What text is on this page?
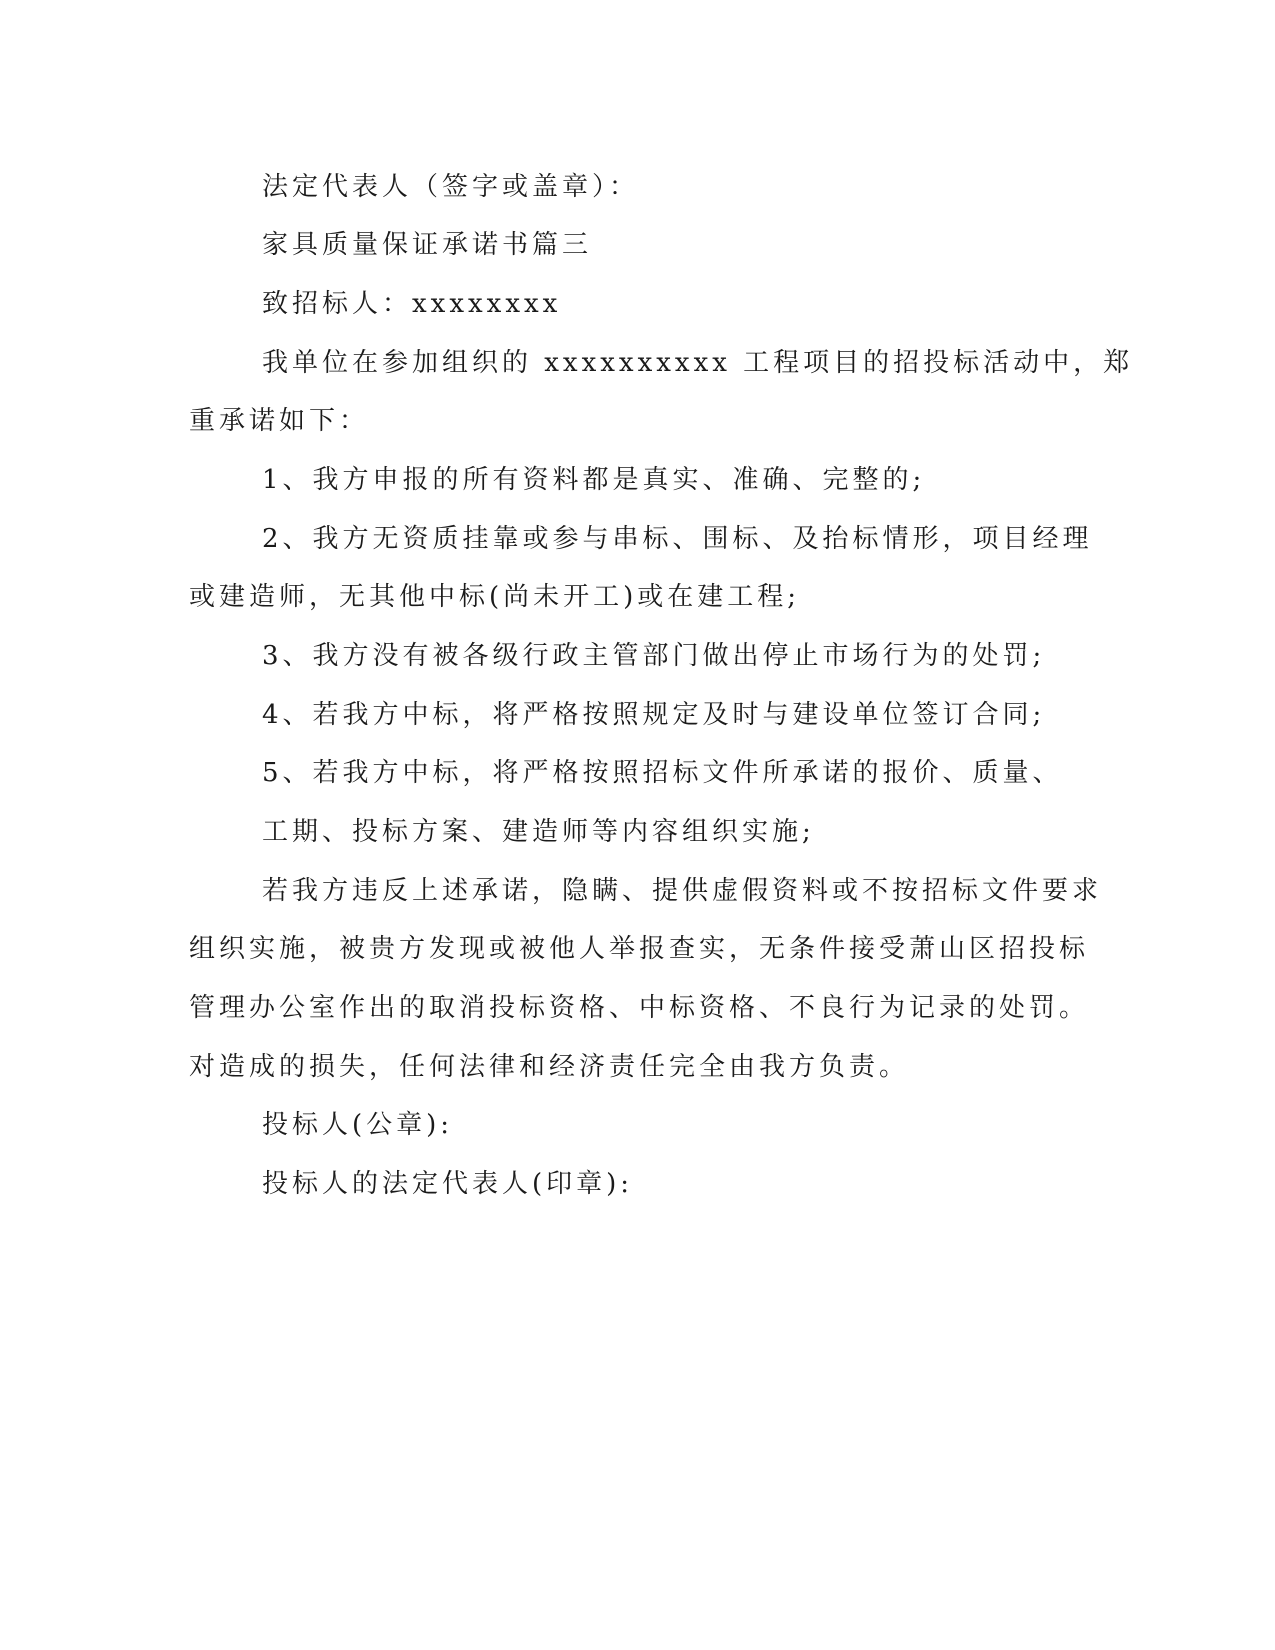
法定代表人（签字或盖章）：
家具质量保证承诺书篇三
致招标人：xxxxxxxx
我单位在参加组织的 xxxxxxxxxx 工程项目的招投标活动中，郑
重承诺如下：
1、我方申报的所有资料都是真实、准确、完整的;
2、我方无资质挂靠或参与串标、围标、及抬标情形，项目经理
或建造师，无其他中标(尚未开工)或在建工程;
3、我方没有被各级行政主管部门做出停止市场行为的处罚;
4、若我方中标，将严格按照规定及时与建设单位签订合同;
5、若我方中标，将严格按照招标文件所承诺的报价、质量、
工期、投标方案、建造师等内容组织实施;
若我方违反上述承诺，隐瞒、提供虚假资料或不按招标文件要求
组织实施，被贵方发现或被他人举报查实，无条件接受萧山区招投标
管理办公室作出的取消投标资格、中标资格、不良行为记录的处罚。
对造成的损失，任何法律和经济责任完全由我方负责。
投标人(公章):
投标人的法定代表人(印章):
